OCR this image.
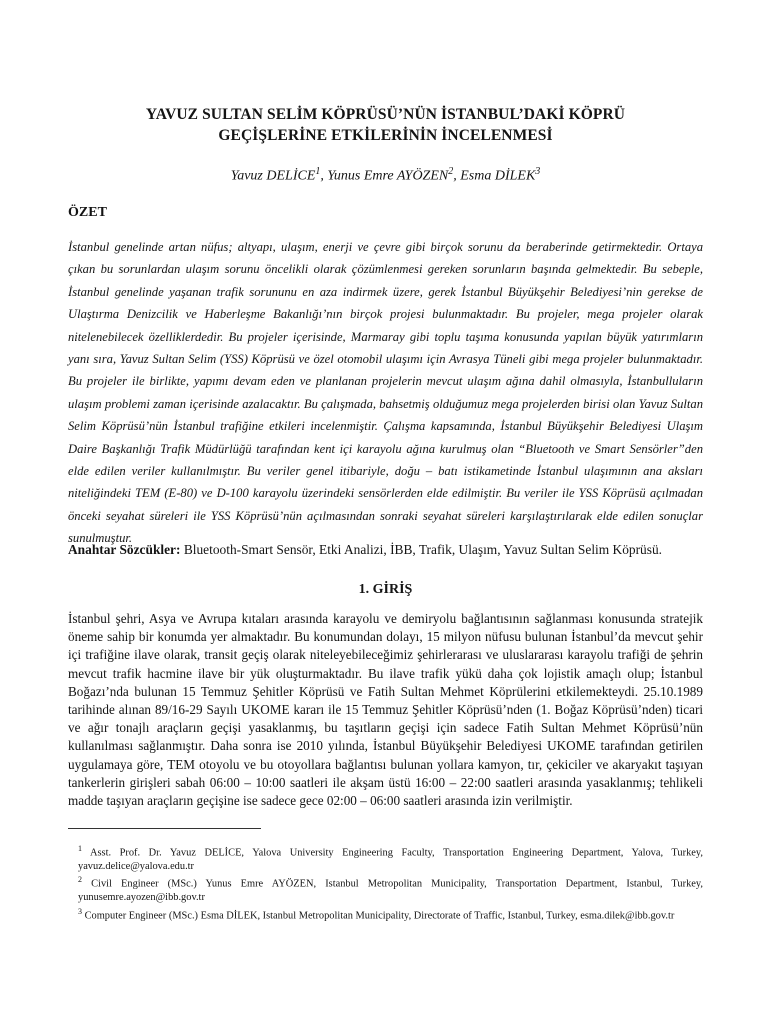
YAVUZ SULTAN SELİM KÖPRÜSÜ’NÜN İSTANBUL’DAKİ KÖPRÜ
GEÇİŞLERİNE ETKİLERİNİN İNCELENMESİ
Yavuz DELİCE$^1$, Yunus Emre AYÖZEN$^2$, Esma DİLEK$^3$
ÖZET

İstanbul genelinde artan nüfus; altyapı, ulaşım, enerji ve çevre gibi birçok sorunu da beraberinde getirmektedir. Ortaya çıkan bu sorunlardan ulaşım sorunu öncelikli olarak çözümlenmesi gereken sorunların başında gelmektedir. Bu sebeple, İstanbul genelinde yaşanan trafik sorununu en aza indirmek üzere, gerek İstanbul Büyükşehir Belediyesi’nin gerekse de Ulaştırma Denizcilik ve Haberleşme Bakanlığı’nın birçok projesi bulunmaktadır. Bu projeler, mega projeler olarak nitelenebilecek özelliklerdedir. Bu projeler içerisinde, Marmaray gibi toplu taşıma konusunda yapılan büyük yatırımların yanı sıra, Yavuz Sultan Selim (YSS) Köprüsü ve özel otomobil ulaşımı için Avrasya Tüneli gibi mega projeler bulunmaktadır. Bu projeler ile birlikte, yapımı devam eden ve planlanan projelerin mevcut ulaşım ağına dahil olmasıyla, İstanbulluların ulaşım problemi zaman içerisinde azalacaktır. Bu çalışmada, bahsetmiş olduğumuz mega projelerden birisi olan Yavuz Sultan Selim Köprüsü’nün İstanbul trafiğine etkileri incelenmiştir. Çalışma kapsamında, İstanbul Büyükşehir Belediyesi Ulaşım Daire Başkanlığı Trafik Müdürlüğü tarafından kent içi karayolu ağına kurulmuş olan “Bluetooth ve Smart Sensörler”den elde edilen veriler kullanılmıştır. Bu veriler genel itibariyle, doğu – batı istikametinde İstanbul ulaşımının ana aksları niteliğindeki TEM (E-80) ve D-100 karayolu üzerindeki sensörlerden elde edilmiştir. Bu veriler ile YSS Köprüsü açılmadan önceki seyahat süreleri ile YSS Köprüsü’nün açılmasından sonraki seyahat süreleri karşılaştırılarak elde edilen sonuçlar sunulmuştur.

Anahtar Sözcükler: Bluetooth-Smart Sensör, Etki Analizi, İBB, Trafik, Ulaşım, Yavuz Sultan Selim Köprüsü.

1. GİRİŞ

İstanbul şehri, Asya ve Avrupa kıtaları arasında karayolu ve demiryolu bağlantısının sağlanması konusunda stratejik öneme sahip bir konumda yer almaktadır. Bu konumundan dolayı, 15 milyon nüfusu bulunan İstanbul’da mevcut şehir içi trafiğine ilave olarak, transit geçiş olarak niteleyebileceğimiz şehirlerarası ve uluslararası karayolu trafiği de şehrin mevcut trafik hacmine ilave bir yük oluşturmaktadır. Bu ilave trafik yükü daha çok lojistik amaçlı olup; İstanbul Boğazı’nda bulunan 15 Temmuz Şehitler Köprüsü ve Fatih Sultan Mehmet Köprülerini etkilemekteydi. 25.10.1989 tarihinde alınan 89/16-29 Sayılı UKOME kararı ile 15 Temmuz Şehitler Köprüsü’nden (1. Boğaz Köprüsü’nden) ticari ve ağır tonajlı araçların geçişi yasaklanmış, bu taşıtların geçişi için sadece Fatih Sultan Mehmet Köprüsü’nün kullanılması sağlanmıştır. Daha sonra ise 2010 yılında, İstanbul Büyükşehir Belediyesi UKOME tarafından getirilen uygulamaya göre, TEM otoyolu ve bu otoyollara bağlantısı bulunan yollara kamyon, tır, çekiciler ve akaryakıt taşıyan tankerlerin girişleri sabah 06:00 – 10:00 saatleri ile akşam üstü 16:00 – 22:00 saatleri arasında yasaklanmış; tehlikeli madde taşıyan araçların geçişine ise sadece gece 02:00 – 06:00 saatleri arasında izin verilmiştir.

$^1$ Asst. Prof. Dr. Yavuz DELİCE, Yalova University Engineering Faculty, Transportation Engineering Department, Yalova, Turkey, yavuz.delice@yalova.edu.tr
$^2$ Civil Engineer (MSc.) Yunus Emre AYÖZEN, Istanbul Metropolitan Municipality, Transportation Department, Istanbul, Turkey, yunusemre.ayozen@ibb.gov.tr
$^3$ Computer Engineer (MSc.) Esma DİLEK, Istanbul Metropolitan Municipality, Directorate of Traffic, Istanbul, Turkey, esma.dilek@ibb.gov.tr
